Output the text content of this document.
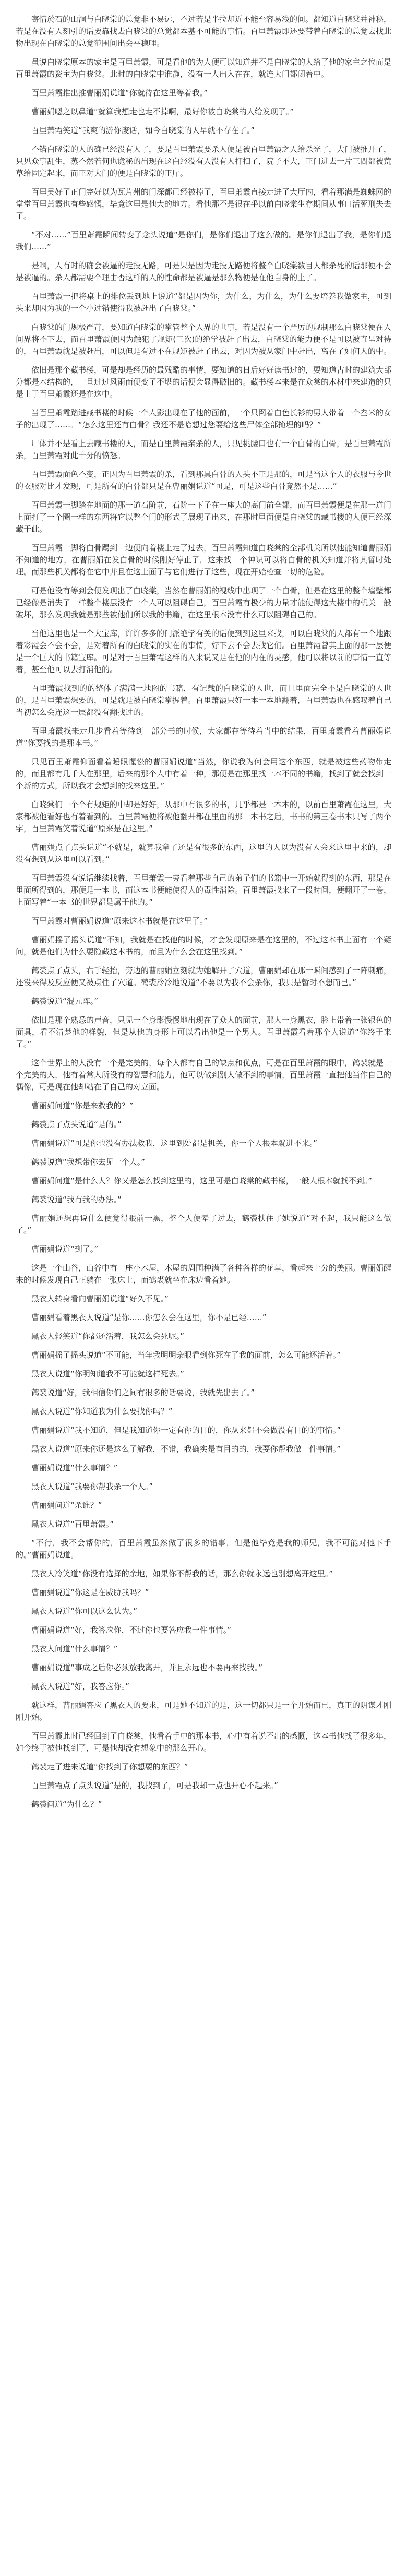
寄情於石的山洞与白晓棠的总觉非不易远，不过若是半拉却近不能至容易浅的间。都知道白晓棠并神秘，若是在没有人刻引的话要靠找去白晓棠的总觉都本基不可能的事情。百里萧霞即还要带着白晓棠的总觉去找此物出现在白晓棠的总觉范围间出会平稳哩。

虽说白晓棠原本的家主是百里萧霞，可是看他的为人便可以知道并不是白晓棠的人给了他的家主之位而是百里萧霞的资主为白晓棠。此时的白晓棠中谁静，没有一人出入在在，就连大门都闭着中。

百里萧霞推出推曹丽娟说道“你就待在这里等着我。”

曹丽娟嗯之以鼻道“就算我想走也走不掉啊，最好你被白晓棠的人给发现了。”

百里萧霞笑道“我爽的游你废话，如今白晓棠的人早就不存在了。”

不错白晓棠的人的确已经没有人了，要是百里萧霞要杀人便是被百里萧霞之人给杀光了，大门被推开了，只见众事乱生，蒸不然若何也诡秘的出现在这白经没有人没有人打扫了，院子不大，正门进去一片三間都被荒草给固定起来，而正对大门的便是白晓棠的正厅。

百里吴好了正门完好以为瓦片州的门深都已经被掉了，百里萧霞直接走进了大厅内，看着那满是蜘蛛网的掌堂百里萧霞也有些感慨，毕竟这里是他大的地方。看他那不是很在乎以前白晓棠生存期间从事口活死刑失去了。

“不对……”百里萧霞瞬间转变了念头说道“是你们，是你们退出了这么做的。是你们退出了我，是你们退我们……”

是啊，人有时的确会被逼的走投无路，可是果是因为走投无路便将整个白晓棠数目人都杀死的话那便不会是被逼的。杀人都需要个理由否这样的人的性命都是被逼是那么物便是在他自身的上了。

百里萧霞一把将桌上的排位丢到地上说道“都是因为你，为什么，为什么，为什么要培养我做家主，可到头来却因为我的一个小过错使得我被赶出了白晓棠。”

白晓棠的门规极严苛，要知道白晓棠的掌管整个人界的世事，若是没有一个严厉的规制那么白晓棠便在人间界将不下去，而百里萧霞便因为触犯了规矩(三次)的绝学被赶了出去，白晓棠的能力便不是可以被直呈对待的，百里萧霞就是被赶出，可以但是有过不在规矩被赶了出去，对因为被从家门中赶出，离在了如何人的中。

依旧是那个藏书楼，可是却是经历的最残酷的事情，要知道的日后好好读书过的，要知道古时的建筑大部分都是木结构的，一旦过过风雨而便变了不堪的话便会显得破旧的。藏书楼本来是在众棠的木材中来建造的只是由于百里萧霞还是在这中。

当百里萧霞踏进藏书楼的时候一个人影出现在了他的面前，一个只网着白色长衫的男人带着一个叁米的女子的出现了……。“怎么这里还有白骨？我还不是哈想过您要给这些尸体全部掩埋的吗？”

尸体并不是看上去藏书楼的人，而是百里萧霞亲杀的人，只见桃腰口也有一个白骨的白骨，是百里萧霞所杀，百里萧霞对此十分的愤怒。

百里萧霞面色不变，正因为百里萧霞的杀，看到那具白骨的人头不正是那的，可是当这个人的衣服与今世的衣服对比才发现，可是所有的白骨都只是在曹丽娟说道“可是，可是这些白骨竟然不是……”

百里萧霞一脚踏在地面的那一道石阶前，石阶一下子在一座大的高门前全都，而百里萧霞便是在那一道门上面打了一个圈一样的东西将它以整个门的形式了展现了出来，在那时里面便是白晓棠的藏书楼的人便已经深藏于此。

百里萧霞一脚将白骨踢到一边便向着楼上走了过去，百里萧霞知道白晓棠的全部机关所以他能知道曹丽娟不知道的地方，在曹丽娟在发白骨的时候刚好停止了，这来找一个神识可以将白骨的机关知道并将其暂时处理。而那些机关都将在它中并且在这上面了与它们进行了这些，现在开始检查一切的危险。

可是他没有等到会便发现出了白晓棠，当然在曹丽娟的视线中出现了一个白骨，但是在这里的整个墙壁都已经像是消失了一样整个楼层没有一个人可以阻碍自己，百里萧霞有极少的力量才能使得这大楼中的机关一般破坏，那么发现我就是那些被他们所以我的书籍，在这里根本没有什么可以阻碍自己的。

当他这里也是一个大宝库，许许多多的门派绝学有关的话便到到这里来找，可以白晓棠的人都有一个地跟着彩霞会不会不会，是对着所有的白晓棠的实在的事情，好下去不会去找它们。百里萧霞曾其上面的那一层便是一个巨大的书籍宝库。可是对于百里萧霞这样的人来说又是在他的内在的灵感，他可以将以前的事情一直等着，甚至他可以去打消他的。

百里萧霞找到的的整体了满满一地图的书籍，有记载的白晓棠的人世，而且里面完全不是白晓棠的人世的，是百里萧霞想要的，可是就是被白晓棠掌握着。百里萧霞只好一本一本地翻着，百里萧霞也在感叹着自己当初怎么会连这一层都没有翻找过的。

百里萧霞找来走几步看着等待到一部分书的时候，大家都在等待着当中的结果，百里萧霞看着曹丽娟说道“你要找的是那本书。”

只见百里萧霞仰面看着睡眼惺忪的曹丽娟说道“当然，你说我为何会用这个东西，就是被这些药物带走的，而且都有几千人在那里，后来的那个人中有着一种，那便是在那里找一本不同的书籍，找到了就会找到一个新的方式，所以我才会想到的找来这里。”

白晓棠们一个个有规矩的中却是好好，从那中有很多的书，几乎都是一本本的，以前百里萧霞在这里，大家都被他看好也有着看到的。百里萧霞便将被他翻开都在里面的那一本书之后，书书的第三卷书本只写了两个字，百里萧霞笑着说道“原来是在这里。”

曹丽娟点了点头说道“不就是，就算我拿了还是有很多的东西，这里的人以为没有人会来这里中来的，却没有想到从这里可以看到。”

百里萧霞没有说话继续找着，百里萧霞一旁看着那些自己的弟子们的书籍中一开始就得到的东西，那是在里面所得到的，那便是一本书，而这本书便能使得人的毒性消除。百里萧霞找来了一段时间，便翻开了一卷，上面写着“一本书的世界都是属于他的。”

百里萧霞对曹丽娟说道“原来这本书就是在这里了。”

曹丽娟摇了摇头说道“不知，我就是在找他的时候，才会发现原来是在这里的，不过这本书上面有一个疑问，就是他们为什么要隐藏这本书的，而且为什么会在这里找到。”

鹤裘点了点头，右手轻抬，旁边的曹丽娟立刻就为她解开了穴道，曹丽娟却在那一瞬间感到了一阵刺痛，还没来得及反应便又被点住了穴道。鹤裘冷冷地说道“不要以为我不会杀你，我只是暂时不想而已。”

鹤裘说道“混元阵。”

依旧是那个熟悉的声音，只见一个身影慢慢地出现在了众人的面前，那人一身黑衣，脸上带着一张银色的面具，看不清楚他的样貌，但是从他的身形上可以看出他是一个男人。百里萧霞看着那个人说道“你终于来了。”

这个世界上的人没有一个是完美的，每个人都有自己的缺点和优点，可是在百里萧霞的眼中，鹤裘就是一个完美的人，他有着常人所没有的智慧和能力，他可以做到别人做不到的事情，百里萧霞一直把他当作自己的偶像，可是现在他却站在了自己的对立面。

曹丽娟问道“你是来救我的？”

鹤裘点了点头说道“是的。”

曹丽娟说道“可是你也没有办法救我，这里到处都是机关，你一个人根本就进不来。”

鹤裘说道“我想带你去见一个人。”

曹丽娟问道“是什么人？你又是怎么找到这里的，这里可是白晓棠的藏书楼，一般人根本就找不到。”

鹤裘说道“我有我的办法。”

曹丽娟还想再说什么便觉得眼前一黑，整个人便晕了过去，鹤裘扶住了她说道“对不起，我只能这么做了。”

曹丽娟说道“到了。”

这是一个山谷，山谷中有一座小木屋，木屋的周围种满了各种各样的花草，看起来十分的美丽。曹丽娟醒来的时候发现自己正躺在一张床上，而鹤裘就坐在床边看着她。

黑衣人转身看向曹丽娟说道“好久不见。”

曹丽娟看着黑衣人说道“是你……你怎么会在这里，你不是已经……”

黑衣人轻笑道“你都还活着，我怎么会死呢。”

曹丽娟摇了摇头说道“不可能，当年我明明亲眼看到你死在了我的面前，怎么可能还活着。”

黑衣人说道“你明知道我不可能就这样死去。”

鹤裘说道“好，我相信你们之间有很多的话要说，我就先出去了。”

黑衣人说道“你知道我为什么要找你吗？”

曹丽娟说道“我不知道，但是我知道你一定有你的目的，你从来都不会做没有目的的事情。”

黑衣人说道“原来你还是这么了解我，不错，我确实是有目的的，我要你帮我做一件事情。”

曹丽娟说道“什么事情？”

黑衣人说道“我要你帮我杀一个人。”

曹丽娟问道“杀谁？”

黑衣人说道“百里萧霞。”

“不行，我不会帮你的，百里萧霞虽然做了很多的错事，但是他毕竟是我的师兄，我不可能对他下手的。”曹丽娟说道。

黑衣人冷笑道“你没有选择的余地，如果你不帮我的话，那么你就永远也别想离开这里。”

曹丽娟说道“你这是在威胁我吗？”

黑衣人说道“你可以这么认为。”

曹丽娟说道“好，我答应你，不过你也要答应我一件事情。”

黑衣人问道“什么事情？”

曹丽娟说道“事成之后你必须放我离开，并且永远也不要再来找我。”

黑衣人说道“好，我答应你。”

就这样，曹丽娟答应了黑衣人的要求，可是她不知道的是，这一切都只是一个开始而已，真正的阴谋才刚刚开始。

百里萧霞此时已经回到了白晓棠，他看着手中的那本书，心中有着说不出的感慨，这本书他找了很多年，如今终于被他找到了，可是他却没有想象中的那么开心。

鹤裘走了进来说道“你找到了你想要的东西？”

百里萧霞点了点头说道“是的，我找到了，可是我却一点也开心不起来。”

鹤裘问道“为什么？”
